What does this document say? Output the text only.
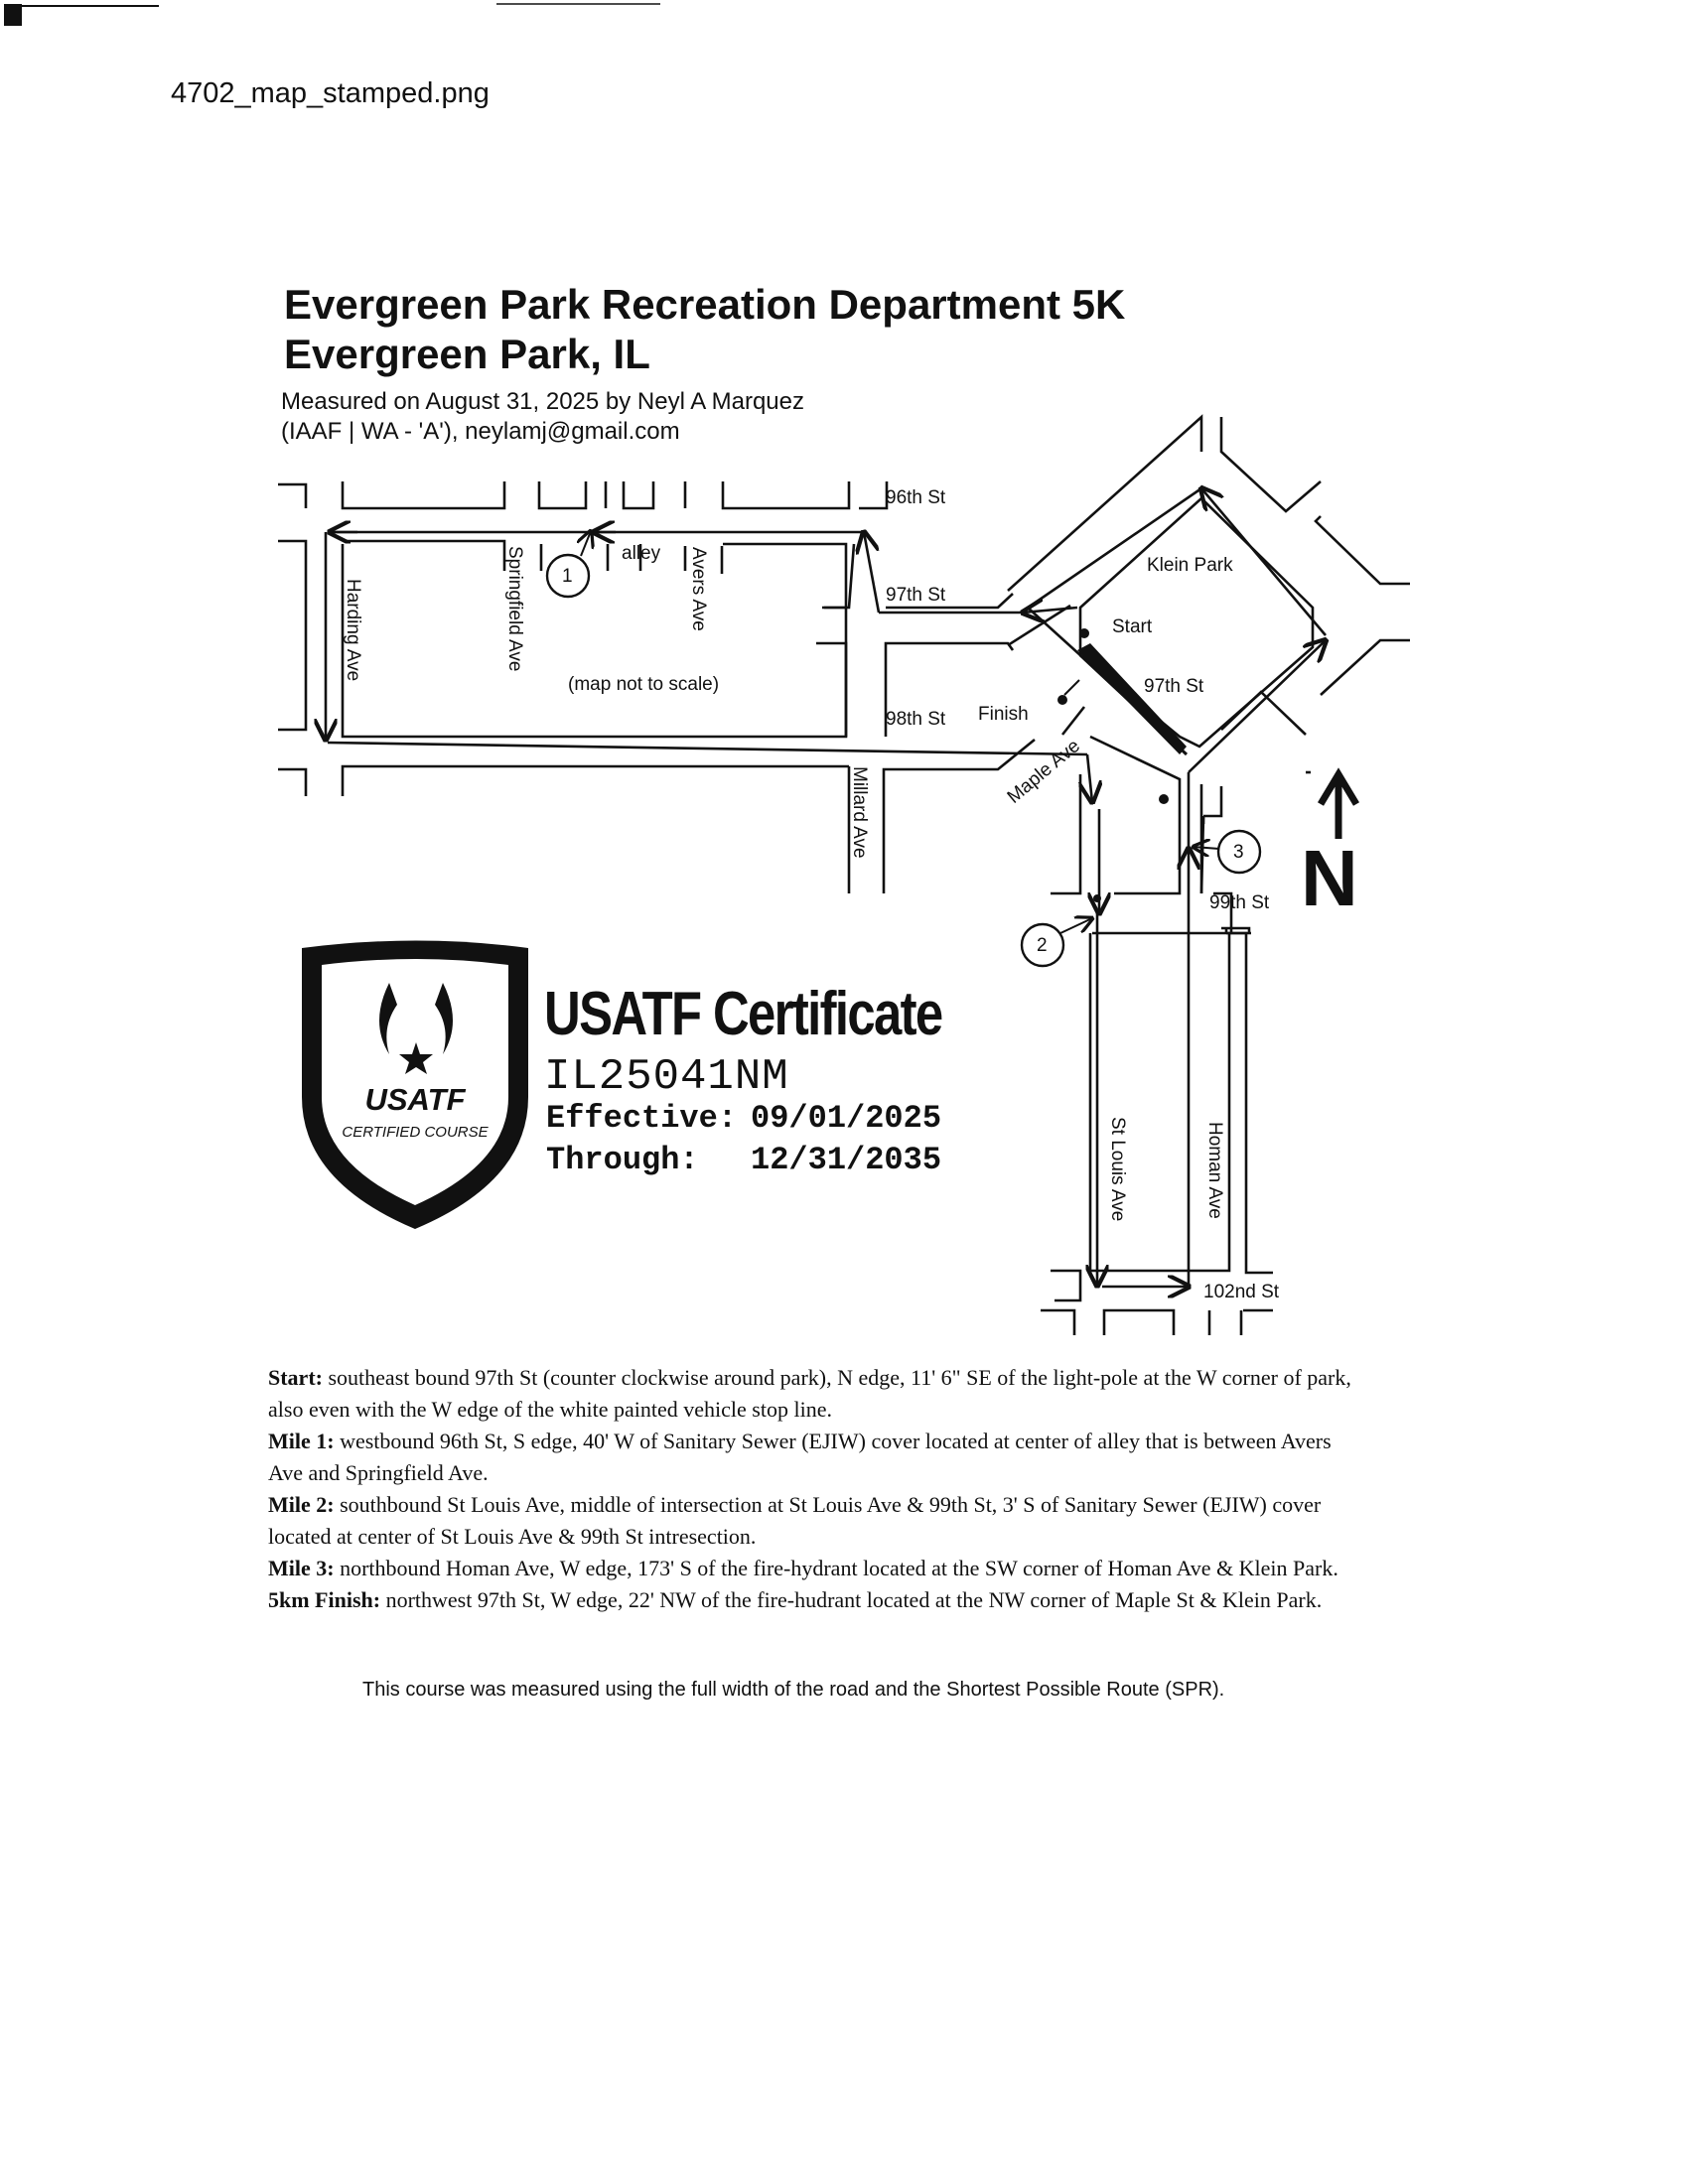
4702_map_stamped.png
Evergreen Park Recreation Department 5K
Evergreen Park, IL
Measured on August 31, 2025 by Neyl A Marquez
(IAAF | WA - 'A'), neylamj@gmail.com
1
2
3
96th St
97th St
98th St
alley
Klein Park
Start
97th St
Finish
(map not to scale)
99th St
102nd St
Harding Ave	Springfield Ave	Avers Ave
Millard Ave	Maple Ave
St Louis Ave	Homan Ave
N
USATF
CERTIFIED COURSE
USATF Certificate
IL25041NM
Effective: 09/01/2025
Through: 12/31/2035

Start: southeast bound 97th St (counter clockwise around park), N edge, 11' 6" SE of the light-pole at the W corner of park, also even with the W edge of the white painted vehicle stop line.

Mile 1: westbound 96th St, S edge, 40' W of Sanitary Sewer (EJIW) cover located at center of alley that is between Avers Ave and Springfield Ave.

Mile 2: southbound St Louis Ave, middle of intersection at St Louis Ave & 99th St, 3' S of Sanitary Sewer (EJIW) cover located at center of St Louis Ave & 99th St intresection.

Mile 3: northbound Homan Ave, W edge, 173' S of the fire-hydrant located at the SW corner of Homan Ave & Klein Park.

5km Finish: northwest 97th St, W edge, 22' NW of the fire-hudrant located at the NW corner of Maple St & Klein Park.

This course was measured using the full width of the road and the Shortest Possible Route (SPR).
